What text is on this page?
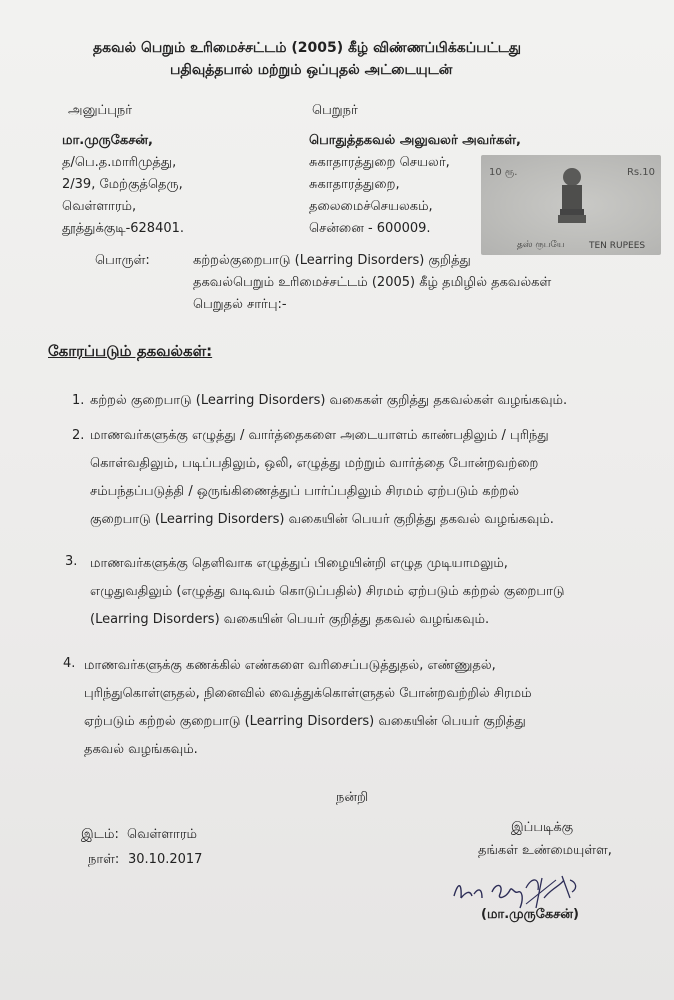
தகவல் பெறும் உரிமைச்சட்டம் (2005) கீழ் விண்ணப்பிக்கப்பட்டது
பதிவுத்தபால் மற்றும் ஒப்புதல் அட்டையுடன்
அனுப்புநர்
மா.முருகேசன்,
த/பெ.த.மாரிமுத்து,
2/39, மேற்குத்தெரு,
வெள்ளாரம்,
தூத்துக்குடி-628401.
பெறுநர்
பொதுத்தகவல் அலுவலர் அவர்கள்,
சுகாதாரத்துறை செயலர்,
சுகாதாரத்துறை,
தலைமைச்செயலகம்,
சென்னை - 600009.
10 ரூ.	Rs.10
தஸ் ருபயே	TEN RUPEES
பொருள்:	கற்றல்குறைபாடு (Learring Disorders) குறித்து
தகவல்பெறும் உரிமைச்சட்டம் (2005) கீழ் தமிழில் தகவல்கள்
பெறுதல் சார்பு:-
கோரப்படும் தகவல்கள்:
1. கற்றல் குறைபாடு (Learring Disorders) வகைகள் குறித்து தகவல்கள் வழங்கவும்.
2. மாணவர்களுக்கு எழுத்து / வார்த்தைகளை அடையாளம் காண்பதிலும் / புரிந்து
கொள்வதிலும், படிப்பதிலும், ஒலி, எழுத்து மற்றும் வார்த்தை போன்றவற்றை
சம்பந்தப்படுத்தி / ஒருங்கிணைத்துப் பார்ப்பதிலும் சிரமம் ஏற்படும் கற்றல்
குறைபாடு (Learring Disorders) வகையின் பெயர் குறித்து தகவல் வழங்கவும்.
3. மாணவர்களுக்கு தெளிவாக எழுத்துப் பிழையின்றி எழுத முடியாமலும்,
எழுதுவதிலும் (எழுத்து வடிவம் கொடுப்பதில்) சிரமம் ஏற்படும் கற்றல் குறைபாடு
(Learring Disorders) வகையின் பெயர் குறித்து தகவல் வழங்கவும்.
4. மாணவர்களுக்கு கணக்கில் எண்களை வரிசைப்படுத்துதல், எண்ணுதல்,
புரிந்துகொள்ளுதல், நினைவில் வைத்துக்கொள்ளுதல் போன்றவற்றில் சிரமம்
ஏற்படும் கற்றல் குறைபாடு (Learring Disorders) வகையின் பெயர் குறித்து
தகவல் வழங்கவும்.
நன்றி
இடம்: வெள்ளாரம்
நாள்: 30.10.2017
இப்படிக்கு
தங்கள் உண்மையுள்ள,
(மா.முருகேசன்)
